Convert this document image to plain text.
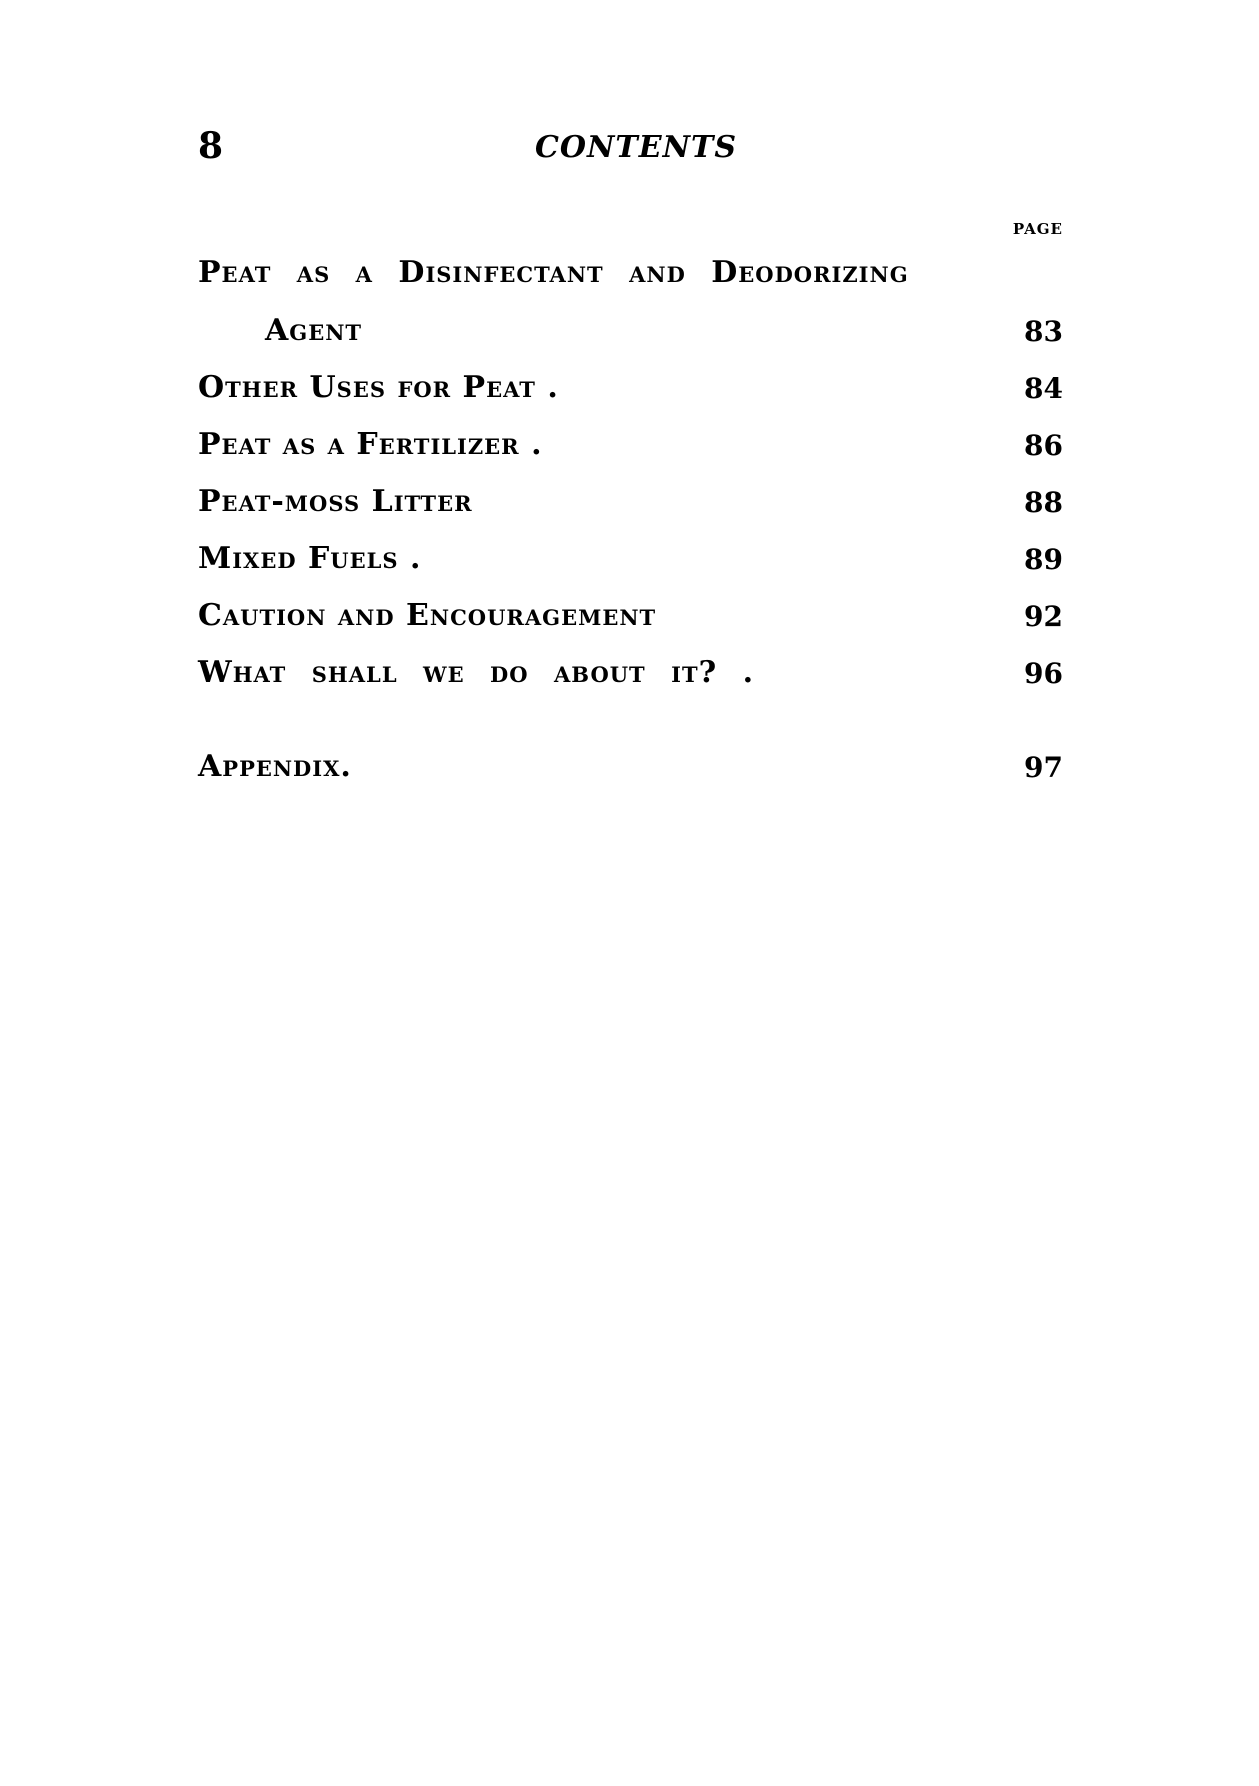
8	CONTENTS
PAGE
Peat as a Disinfectant and Deodorizing
Agent	83
Other Uses for Peat .	84
Peat as a Fertilizer .	86
Peat-moss Litter	88
Mixed Fuels .	89
Caution and Encouragement	92
What shall we do about it? .	96
Appendix.	97
